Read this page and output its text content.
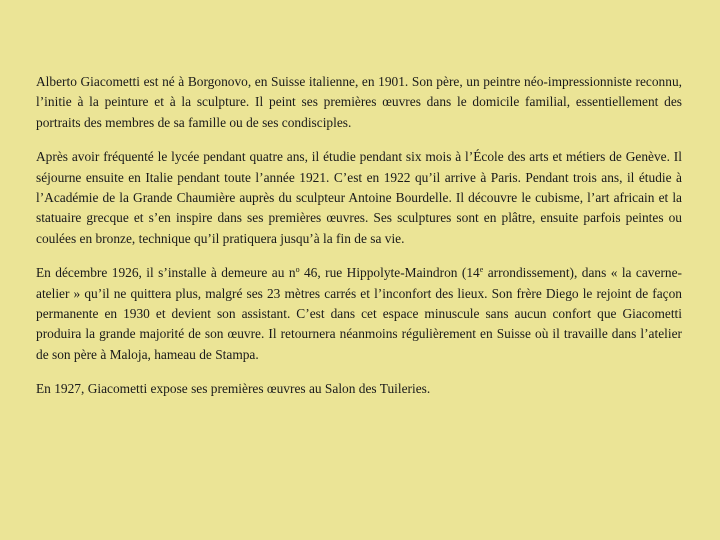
Alberto Giacometti est né à Borgonovo, en Suisse italienne, en 1901. Son père, un peintre néo-impressionniste reconnu, l’initie à la peinture et à la sculpture. Il peint ses premières œuvres dans le domicile familial, essentiellement des portraits des membres de sa famille ou de ses condisciples.

Après avoir fréquenté le lycée pendant quatre ans, il étudie pendant six mois à l’École des arts et métiers de Genève. Il séjourne ensuite en Italie pendant toute l’année 1921. C’est en 1922 qu’il arrive à Paris. Pendant trois ans, il étudie à l’Académie de la Grande Chaumière auprès du sculpteur Antoine Bourdelle. Il découvre le cubisme, l’art africain et la statuaire grecque et s’en inspire dans ses premières œuvres. Ses sculptures sont en plâtre, ensuite parfois peintes ou coulées en bronze, technique qu’il pratiquera jusqu’à la fin de sa vie.

En décembre 1926, il s’installe à demeure au $n^o$ 46, rue Hippolyte-Maindron (14e arrondissement), dans « la caverne-atelier » qu’il ne quittera plus, malgré ses 23 mètres carrés et l’inconfort des lieux. Son frère Diego le rejoint de façon permanente en 1930 et devient son assistant. C’est dans cet espace minuscule sans aucun confort que Giacometti produira la grande majorité de son œuvre. Il retournera néanmoins régulièrement en Suisse où il travaille dans l’atelier de son père à Maloja, hameau de Stampa.

En 1927, Giacometti expose ses premières œuvres au Salon des Tuileries.
